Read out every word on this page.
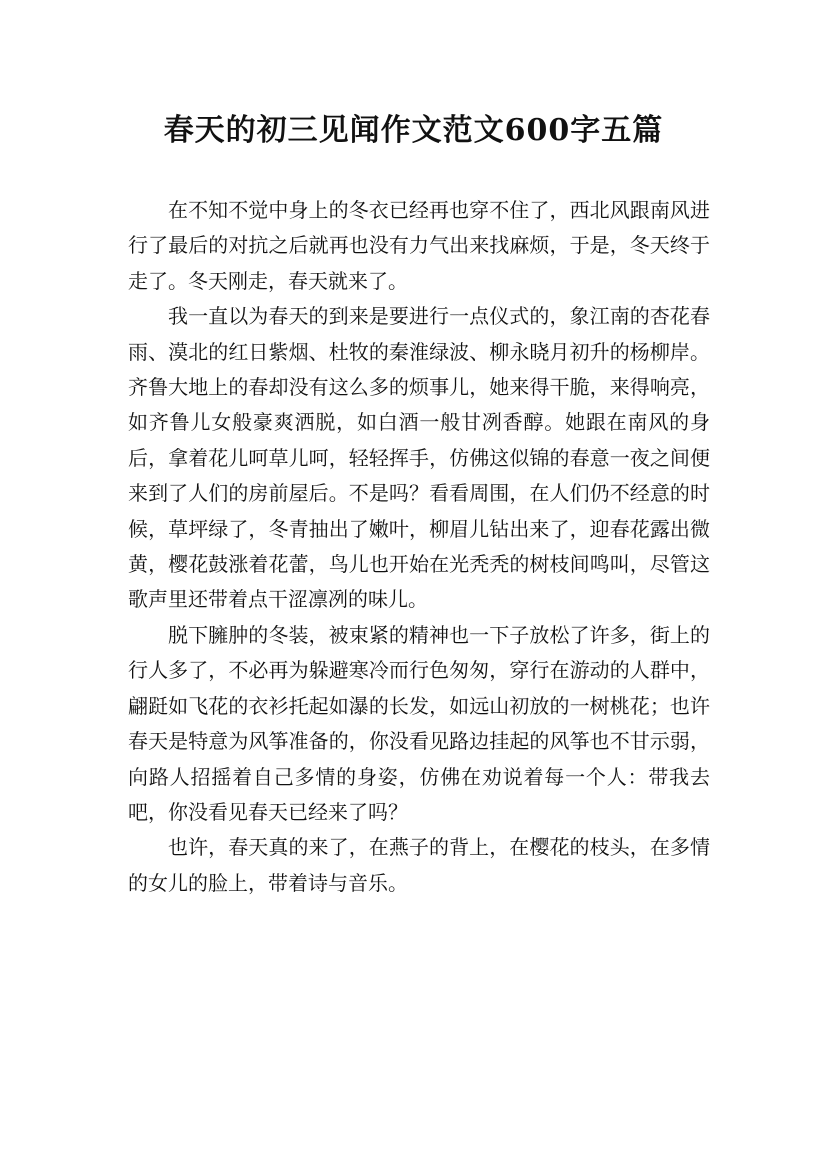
春天的初三见闻作文范文600字五篇

在不知不觉中身上的冬衣已经再也穿不住了，西北风跟南风进行了最后的对抗之后就再也没有力气出来找麻烦，于是，冬天终于走了。冬天刚走，春天就来了。

我一直以为春天的到来是要进行一点仪式的，象江南的杏花春雨、漠北的红日紫烟、杜牧的秦淮绿波、柳永晓月初升的杨柳岸。齐鲁大地上的春却没有这么多的烦事儿，她来得干脆，来得响亮，如齐鲁儿女般豪爽洒脱，如白酒一般甘冽香醇。她跟在南风的身后，拿着花儿呵草儿呵，轻轻挥手，仿佛这似锦的春意一夜之间便来到了人们的房前屋后。不是吗？看看周围，在人们仍不经意的时候，草坪绿了，冬青抽出了嫩叶，柳眉儿钻出来了，迎春花露出微黄，樱花鼓涨着花蕾，鸟儿也开始在光秃秃的树枝间鸣叫，尽管这歌声里还带着点干涩凛冽的味儿。

脱下臃肿的冬装，被束紧的精神也一下子放松了许多，街上的行人多了，不必再为躲避寒冷而行色匆匆，穿行在游动的人群中，翩跹如飞花的衣衫托起如瀑的长发，如远山初放的一树桃花；也许春天是特意为风筝准备的，你没看见路边挂起的风筝也不甘示弱，向路人招摇着自己多情的身姿，仿佛在劝说着每一个人：带我去吧，你没看见春天已经来了吗？

也许，春天真的来了，在燕子的背上，在樱花的枝头，在多情的女儿的脸上，带着诗与音乐。
